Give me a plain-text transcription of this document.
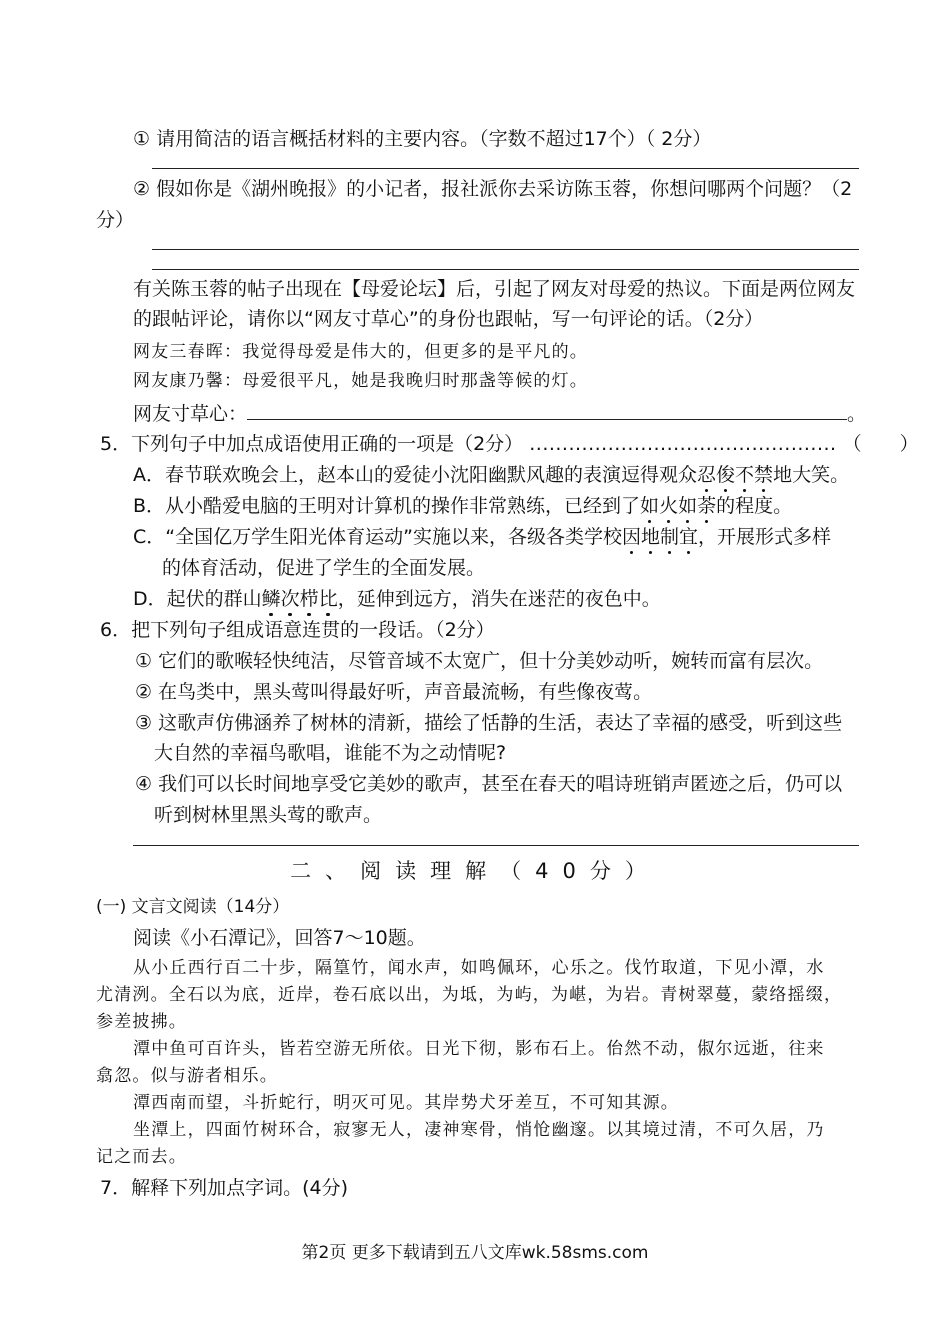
① 请用简洁的语言概括材料的主要内容。（字数不超过17个）（ 2分）
② 假如你是《湖州晚报》的小记者，报社派你去采访陈玉蓉，你想问哪两个问题？（2
分）
有关陈玉蓉的帖子出现在【母爱论坛】后，引起了网友对母爱的热议。下面是两位网友
的跟帖评论，请你以“网友寸草心”的身份也跟帖，写一句评论的话。（2分）
网友三春晖：我觉得母爱是伟大的，但更多的是平凡的。
网友康乃馨：母爱很平凡，她是我晚归时那盏等候的灯。
网友寸草心：	。
5．下列句子中加点成语使用正确的一项是（2分） ............................................... （　　）
A．春节联欢晚会上，赵本山的爱徒小沈阳幽默风趣的表演逗得观众忍俊不禁地大笑。
B．从小酷爱电脑的王明对计算机的操作非常熟练，已经到了如火如荼的程度。
C．“全国亿万学生阳光体育运动”实施以来，各级各类学校因地制宜，开展形式多样
的体育活动，促进了学生的全面发展。
D．起伏的群山鳞次栉比，延伸到远方，消失在迷茫的夜色中。
6．把下列句子组成语意连贯的一段话。（2分）
① 它们的歌喉轻快纯洁，尽管音域不太宽广，但十分美妙动听，婉转而富有层次。
② 在鸟类中，黑头莺叫得最好听，声音最流畅，有些像夜莺。
③ 这歌声仿佛涵养了树林的清新，描绘了恬静的生活，表达了幸福的感受，听到这些
大自然的幸福鸟歌唱，谁能不为之动情呢?
④ 我们可以长时间地享受它美妙的歌声，甚至在春天的唱诗班销声匿迹之后，仍可以
听到树林里黑头莺的歌声。
二、阅读理解（40分）
(一) 文言文阅读（14分）
阅读《小石潭记》，回答7～10题。
从小丘西行百二十步，隔篁竹，闻水声，如鸣佩环，心乐之。伐竹取道，下见小潭，水
尤清洌。全石以为底，近岸，卷石底以出，为坻，为屿，为嵁，为岩。青树翠蔓，蒙络摇缀，
参差披拂。
潭中鱼可百许头，皆若空游无所依。日光下彻，影布石上。佁然不动，俶尔远逝，往来
翕忽。似与游者相乐。
潭西南而望，斗折蛇行，明灭可见。其岸势犬牙差互，不可知其源。
坐潭上，四面竹树环合，寂寥无人，凄神寒骨，悄怆幽邃。以其境过清，不可久居，乃
记之而去。
7．解释下列加点字词。(4分)
第2页 更多下载请到五八文库wk.58sms.com
